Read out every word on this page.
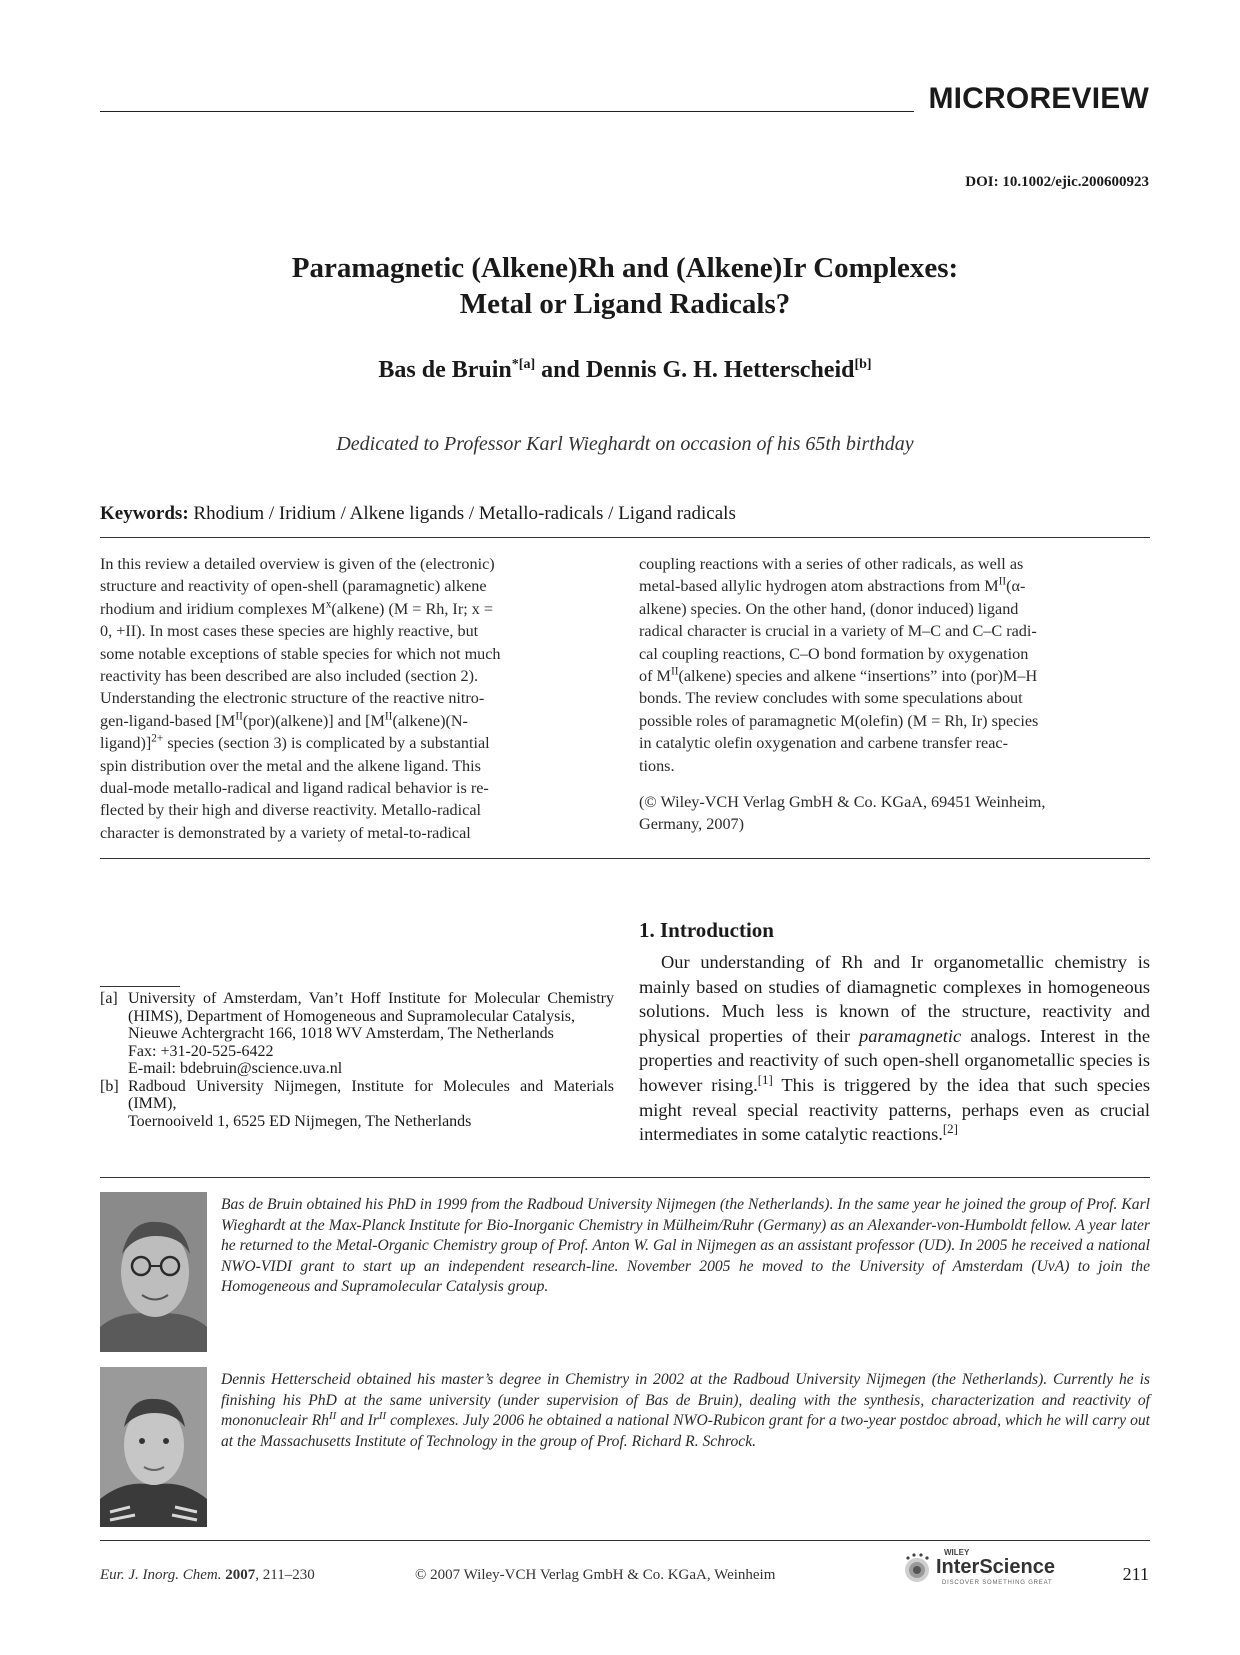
MICROREVIEW
DOI: 10.1002/ejic.200600923
Paramagnetic (Alkene)Rh and (Alkene)Ir Complexes:
Metal or Ligand Radicals?
Bas de Bruin$^{*[a]}$ and Dennis G. H. Hetterscheid[b]
Dedicated to Professor Karl Wieghardt on occasion of his 65th birthday
Keywords: Rhodium / Iridium / Alkene ligands / Metallo-radicals / Ligand radicals
In this review a detailed overview is given of the (electronic)
structure and reactivity of open-shell (paramagnetic) alkene
rhodium and iridium complexes $M^x(alkene) (M = Rh$, Ir; x =
0, +II). In most cases these species are highly reactive, but
some notable exceptions of stable species for which not much
reactivity has been described are also included (section 2).
Understanding the electronic structure of the reactive nitro-
gen-ligand-based $[M^{II}(por)(alkene)]$ and [$M^{II}(alkene)(N-$
ligand)]$^{2+}$ species (section 3) is complicated by a substantial
spin distribution over the metal and the alkene ligand. This
dual-mode metallo-radical and ligand radical behavior is re-
flected by their high and diverse reactivity. Metallo-radical
character is demonstrated by a variety of metal-to-radical
coupling reactions with a series of other radicals, as well as
metal-based allylic hydrogen atom abstractions from $M^{II}(\alpha-$
alkene) species. On the other hand, (donor induced) ligand
radical character is crucial in a variety of M–C and C–C radi-
cal coupling reactions, C–O bond formation by oxygenation
of $M^{II}(alkene)$ species and alkene “insertions” into (por)M–H
bonds. The review concludes with some speculations about
possible roles of paramagnetic M(olefin) (M = Rh, Ir) species
in catalytic olefin oxygenation and carbene transfer reac-
tions.
(© Wiley-VCH Verlag GmbH & Co. KGaA, 69451 Weinheim,
Germany, 2007)
1. Introduction

Our understanding of Rh and Ir organometallic chemistry is mainly based on studies of diamagnetic complexes in homogeneous solutions. Much less is known of the structure, reactivity and physical properties of their paramagnetic analogs. Interest in the properties and reactivity of such open-shell organometallic species is however rising.[1] This is triggered by the idea that such species might reveal special reactivity patterns, perhaps even as crucial intermediates in some catalytic reactions.[2]

[a] University of Amsterdam, Van’t Hoff Institute for Molecular Chemistry (HIMS), Department of Homogeneous and Supramolecular Catalysis,
Nieuwe Achtergracht 166, 1018 WV Amsterdam, The Netherlands
Fax: +31-20-525-6422
E-mail: bdebruin@science.uva.nl
[b] Radboud University Nijmegen, Institute for Molecules and Materials (IMM),
Toernooiveld 1, 6525 ED Nijmegen, The Netherlands
Bas de Bruin obtained his PhD in 1999 from the Radboud University Nijmegen (the Netherlands). In the same year he joined the group of Prof. Karl Wieghardt at the Max-Planck Institute for Bio-Inorganic Chemistry in Mülheim/Ruhr (Germany) as an Alexander-von-Humboldt fellow. A year later he returned to the Metal-Organic Chemistry group of Prof. Anton W. Gal in Nijmegen as an assistant professor (UD). In 2005 he received a national NWO-VIDI grant to start up an independent research-line. November 2005 he moved to the University of Amsterdam (UvA) to join the Homogeneous and Supramolecular Catalysis group.
Dennis Hetterscheid obtained his master’s degree in Chemistry in 2002 at the Radboud University Nijmegen (the Netherlands). Currently he is finishing his PhD at the same university (under supervision of Bas de Bruin), dealing with the synthesis, characterization and reactivity of mononucleair $Rh^{II}$ and $Ir^{II}$ complexes. July 2006 he obtained a national NWO-Rubicon grant for a two-year postdoc abroad, which he will carry out at the Massachusetts Institute of Technology in the group of Prof. Richard R. Schrock.
Eur. J. Inorg. Chem. 2007, 211–230	© 2007 Wiley-VCH Verlag GmbH & Co. KGaA, Weinheim
WILEY
InterScience
DISCOVER SOMETHING GREAT	211
